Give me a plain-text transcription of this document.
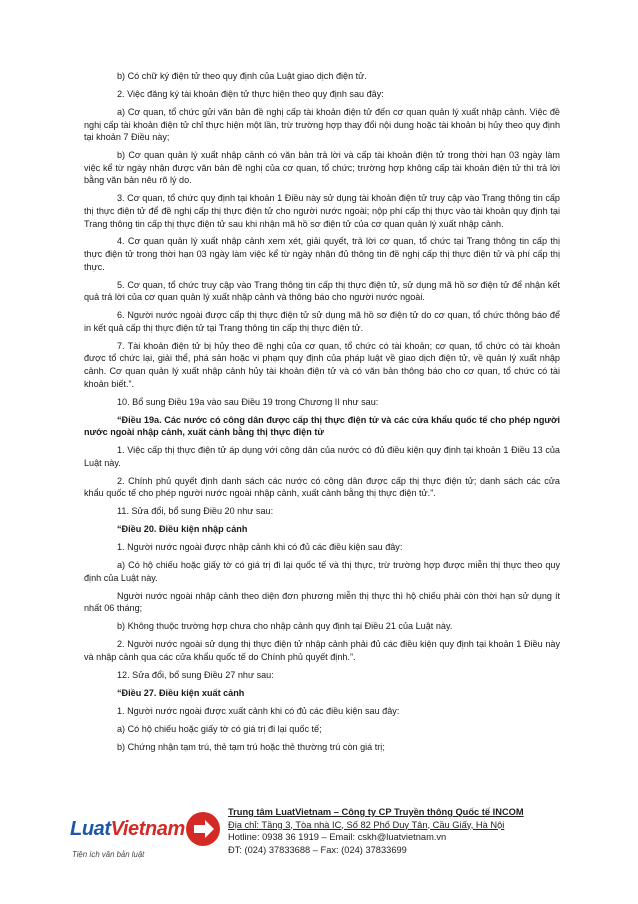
b) Có chữ ký điện tử theo quy định của Luật giao dịch điện tử.

2. Việc đăng ký tài khoản điện tử thực hiện theo quy định sau đây:

a) Cơ quan, tổ chức gửi văn bản đề nghị cấp tài khoản điện tử đến cơ quan quản lý xuất nhập cảnh. Việc đề nghị cấp tài khoản điện tử chỉ thực hiện một lần, trừ trường hợp thay đổi nội dung hoặc tài khoản bị hủy theo quy định tại khoản 7 Điều này;

b) Cơ quan quản lý xuất nhập cảnh có văn bản trả lời và cấp tài khoản điện tử trong thời hạn 03 ngày làm việc kể từ ngày nhận được văn bản đề nghị của cơ quan, tổ chức; trường hợp không cấp tài khoản điện tử thì trả lời bằng văn bản nêu rõ lý do.

3. Cơ quan, tổ chức quy định tại khoản 1 Điều này sử dụng tài khoản điện tử truy cập vào Trang thông tin cấp thị thực điện tử để đề nghị cấp thị thực điện tử cho người nước ngoài; nộp phí cấp thị thực vào tài khoản quy định tại Trang thông tin cấp thị thực điện tử sau khi nhận mã hồ sơ điện tử của cơ quan quản lý xuất nhập cảnh.

4. Cơ quan quản lý xuất nhập cảnh xem xét, giải quyết, trả lời cơ quan, tổ chức tại Trang thông tin cấp thị thực điện tử trong thời hạn 03 ngày làm việc kể từ ngày nhận đủ thông tin đề nghị cấp thị thực điện tử và phí cấp thị thực.

5. Cơ quan, tổ chức truy cập vào Trang thông tin cấp thị thực điện tử, sử dụng mã hồ sơ điện tử để nhận kết quả trả lời của cơ quan quản lý xuất nhập cảnh và thông báo cho người nước ngoài.

6. Người nước ngoài được cấp thị thực điện tử sử dụng mã hồ sơ điện tử do cơ quan, tổ chức thông báo để in kết quả cấp thị thực điện tử tại Trang thông tin cấp thị thực điện tử.

7. Tài khoản điện tử bị hủy theo đề nghị của cơ quan, tổ chức có tài khoản; cơ quan, tổ chức có tài khoản được tổ chức lại, giải thể, phá sản hoặc vi phạm quy định của pháp luật về giao dịch điện tử, về quản lý xuất nhập cảnh. Cơ quan quản lý xuất nhập cảnh hủy tài khoản điện tử và có văn bản thông báo cho cơ quan, tổ chức có tài khoản biết.”.

10. Bổ sung Điều 19a vào sau Điều 19 trong Chương II như sau:

“Điều 19a. Các nước có công dân được cấp thị thực điện tử và các cửa khẩu quốc tế cho phép người nước ngoài nhập cảnh, xuất cảnh bằng thị thực điện tử

1. Việc cấp thị thực điện tử áp dụng với công dân của nước có đủ điều kiện quy định tại khoản 1 Điều 13 của Luật này.

2. Chính phủ quyết định danh sách các nước có công dân được cấp thị thực điện tử; danh sách các cửa khẩu quốc tế cho phép người nước ngoài nhập cảnh, xuất cảnh bằng thị thực điện tử.”.

11. Sửa đổi, bổ sung Điều 20 như sau:

“Điều 20. Điều kiện nhập cảnh

1. Người nước ngoài được nhập cảnh khi có đủ các điều kiện sau đây:

a) Có hộ chiếu hoặc giấy tờ có giá trị đi lại quốc tế và thị thực, trừ trường hợp được miễn thị thực theo quy định của Luật này.

Người nước ngoài nhập cảnh theo diện đơn phương miễn thị thực thì hộ chiếu phải còn thời hạn sử dụng ít nhất 06 tháng;

b) Không thuộc trường hợp chưa cho nhập cảnh quy định tại Điều 21 của Luật này.

2. Người nước ngoài sử dụng thị thực điện tử nhập cảnh phải đủ các điều kiện quy định tại khoản 1 Điều này và nhập cảnh qua các cửa khẩu quốc tế do Chính phủ quyết định.”.

12. Sửa đổi, bổ sung Điều 27 như sau:

“Điều 27. Điều kiện xuất cảnh

1. Người nước ngoài được xuất cảnh khi có đủ các điều kiện sau đây:

a) Có hộ chiếu hoặc giấy tờ có giá trị đi lại quốc tế;

b) Chứng nhận tạm trú, thẻ tạm trú hoặc thẻ thường trú còn giá trị;

LuatVietnam
Tiện ích văn bản luật
Trung tâm LuatVietnam – Công ty CP Truyền thông Quốc tế INCOM
Địa chỉ: Tầng 3, Tòa nhà IC, Số 82 Phố Duy Tân, Cầu Giấy, Hà Nội
Hotline: 0938 36 1919 – Email: cskh@luatvietnam.vn
ĐT: (024) 37833688 – Fax: (024) 37833699
